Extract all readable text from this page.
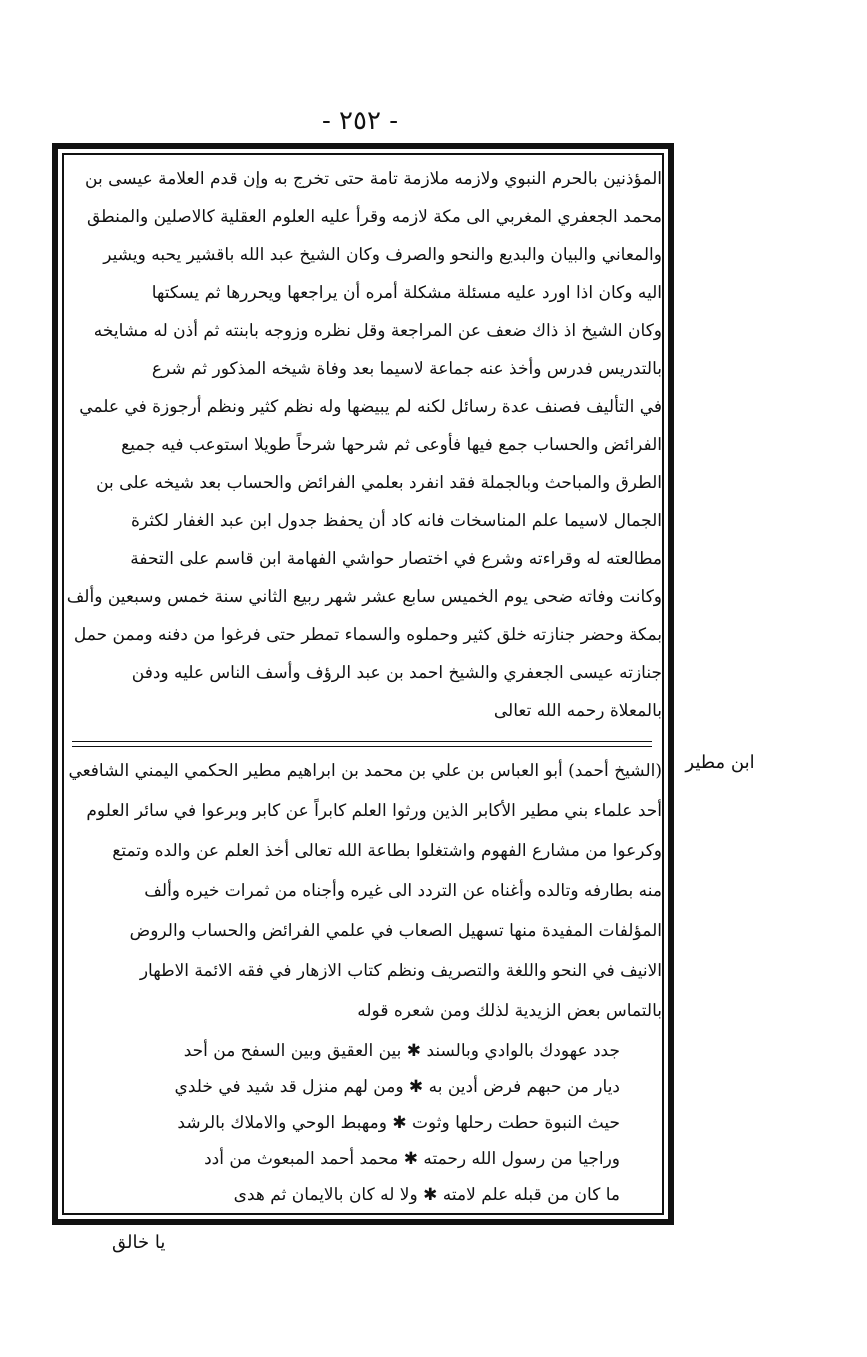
- ٢٥٢ -
المؤذنين بالحرم النبوي ولازمه ملازمة تامة حتى تخرج به وإن قدم العلامة عيسى بن
محمد الجعفري المغربي الى مكة لازمه وقرأ عليه العلوم العقلية كالاصلين والمنطق
والمعاني والبيان والبديع والنحو والصرف وكان الشيخ عبد الله باقشير يحبه ويشير
اليه وكان اذا اورد عليه مسئلة مشكلة أمره أن يراجعها ويحررها ثم يسكتها
وكان الشيخ اذ ذاك ضعف عن المراجعة وقل نظره وزوجه بابنته ثم أذن له مشايخه
بالتدريس فدرس وأخذ عنه جماعة لاسيما بعد وفاة شيخه المذكور ثم شرع
في التأليف فصنف عدة رسائل لكنه لم يبيضها وله نظم كثير ونظم أرجوزة في علمي
الفرائض والحساب جمع فيها فأوعى ثم شرحها شرحاً طويلا استوعب فيه جميع
الطرق والمباحث وبالجملة فقد انفرد بعلمي الفرائض والحساب بعد شيخه على بن
الجمال لاسيما علم المناسخات فانه كاد أن يحفظ جدول ابن عبد الغفار لكثرة
مطالعته له وقراءته وشرع في اختصار حواشي الفهامة ابن قاسم على التحفة
وكانت وفاته ضحى يوم الخميس سابع عشر شهر ربيع الثاني سنة خمس وسبعين وألف
بمكة وحضر جنازته خلق كثير وحملوه والسماء تمطر حتى فرغوا من دفنه وممن حمل
جنازته عيسى الجعفري والشيخ احمد بن عبد الرؤف وأسف الناس عليه ودفن
بالمعلاة رحمه الله تعالى
ابن مطير
(الشيخ أحمد) أبو العباس بن علي بن محمد بن ابراهيم مطير الحكمي اليمني الشافعي
أحد علماء بني مطير الأكابر الذين ورثوا العلم كابراً عن كابر وبرعوا في سائر العلوم
وكرعوا من مشارع الفهوم واشتغلوا بطاعة الله تعالى أخذ العلم عن والده وتمتع
منه بطارفه وتالده وأغناه عن التردد الى غيره وأجناه من ثمرات خيره وألف
المؤلفات المفيدة منها تسهيل الصعاب في علمي الفرائض والحساب والروض
الانيف في النحو واللغة والتصريف ونظم كتاب الازهار في فقه الائمة الاطهار
بالتماس بعض الزيدية لذلك ومن شعره قوله
جدد عهودك بالوادي وبالسند ✱ بين العقيق وبين السفح من أحد
ديار من حبهم فرض أدين به ✱ ومن لهم منزل قد شيد في خلدي
حيث النبوة حطت رحلها وثوت ✱ ومهبط الوحي والاملاك بالرشد
وراجيا من رسول الله رحمته ✱ محمد أحمد المبعوث من أدد
ما كان من قبله علم لامته ✱ ولا له كان بالايمان ثم هدى
يا خالق
